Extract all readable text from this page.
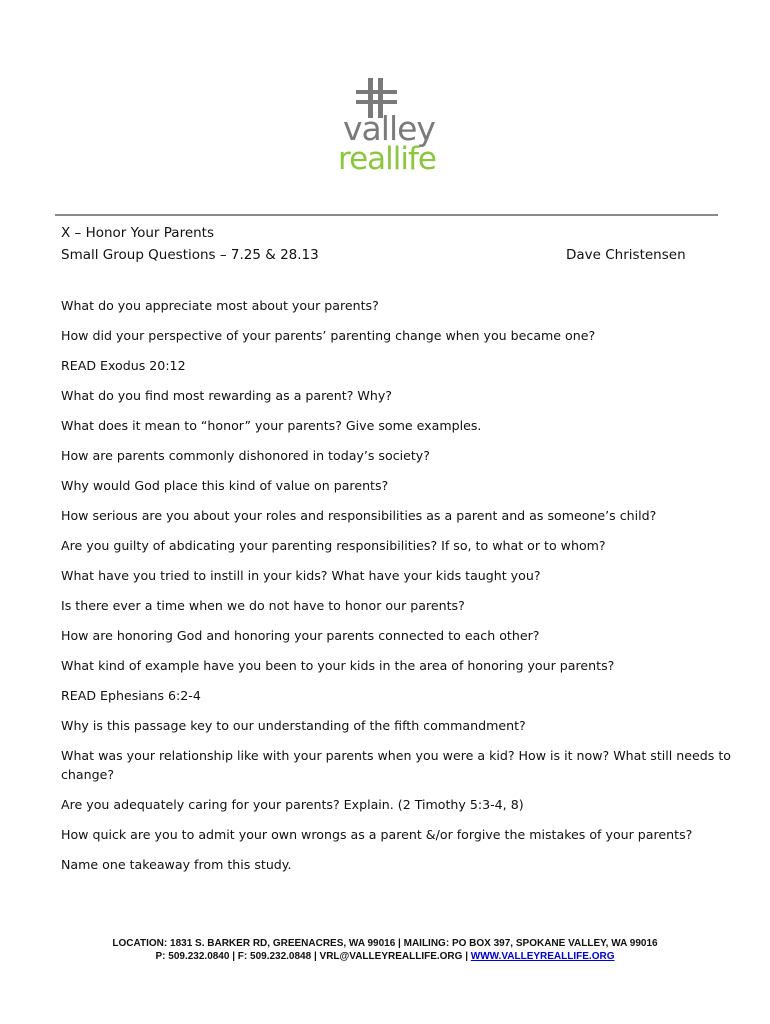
valley
reallife
X – Honor Your Parents
Small Group Questions – 7.25 & 28.13	Dave Christensen
What do you appreciate most about your parents?
How did your perspective of your parents’ parenting change when you became one?
READ Exodus 20:12
What do you find most rewarding as a parent? Why?
What does it mean to “honor” your parents? Give some examples.
How are parents commonly dishonored in today’s society?
Why would God place this kind of value on parents?
How serious are you about your roles and responsibilities as a parent and as someone’s child?
Are you guilty of abdicating your parenting responsibilities? If so, to what or to whom?
What have you tried to instill in your kids? What have your kids taught you?
Is there ever a time when we do not have to honor our parents?
How are honoring God and honoring your parents connected to each other?
What kind of example have you been to your kids in the area of honoring your parents?
READ Ephesians 6:2-4
Why is this passage key to our understanding of the fifth commandment?
What was your relationship like with your parents when you were a kid? How is it now? What still needs to change?
Are you adequately caring for your parents? Explain. (2 Timothy 5:3-4, 8)
How quick are you to admit your own wrongs as a parent &/or forgive the mistakes of your parents?
Name one takeaway from this study.
LOCATION: 1831 S. BARKER RD, GREENACRES, WA 99016 | MAILING: PO BOX 397, SPOKANE VALLEY, WA 99016
P: 509.232.0840 | F: 509.232.0848 | VRL@VALLEYREALLIFE.ORG | WWW.VALLEYREALLIFE.ORG
